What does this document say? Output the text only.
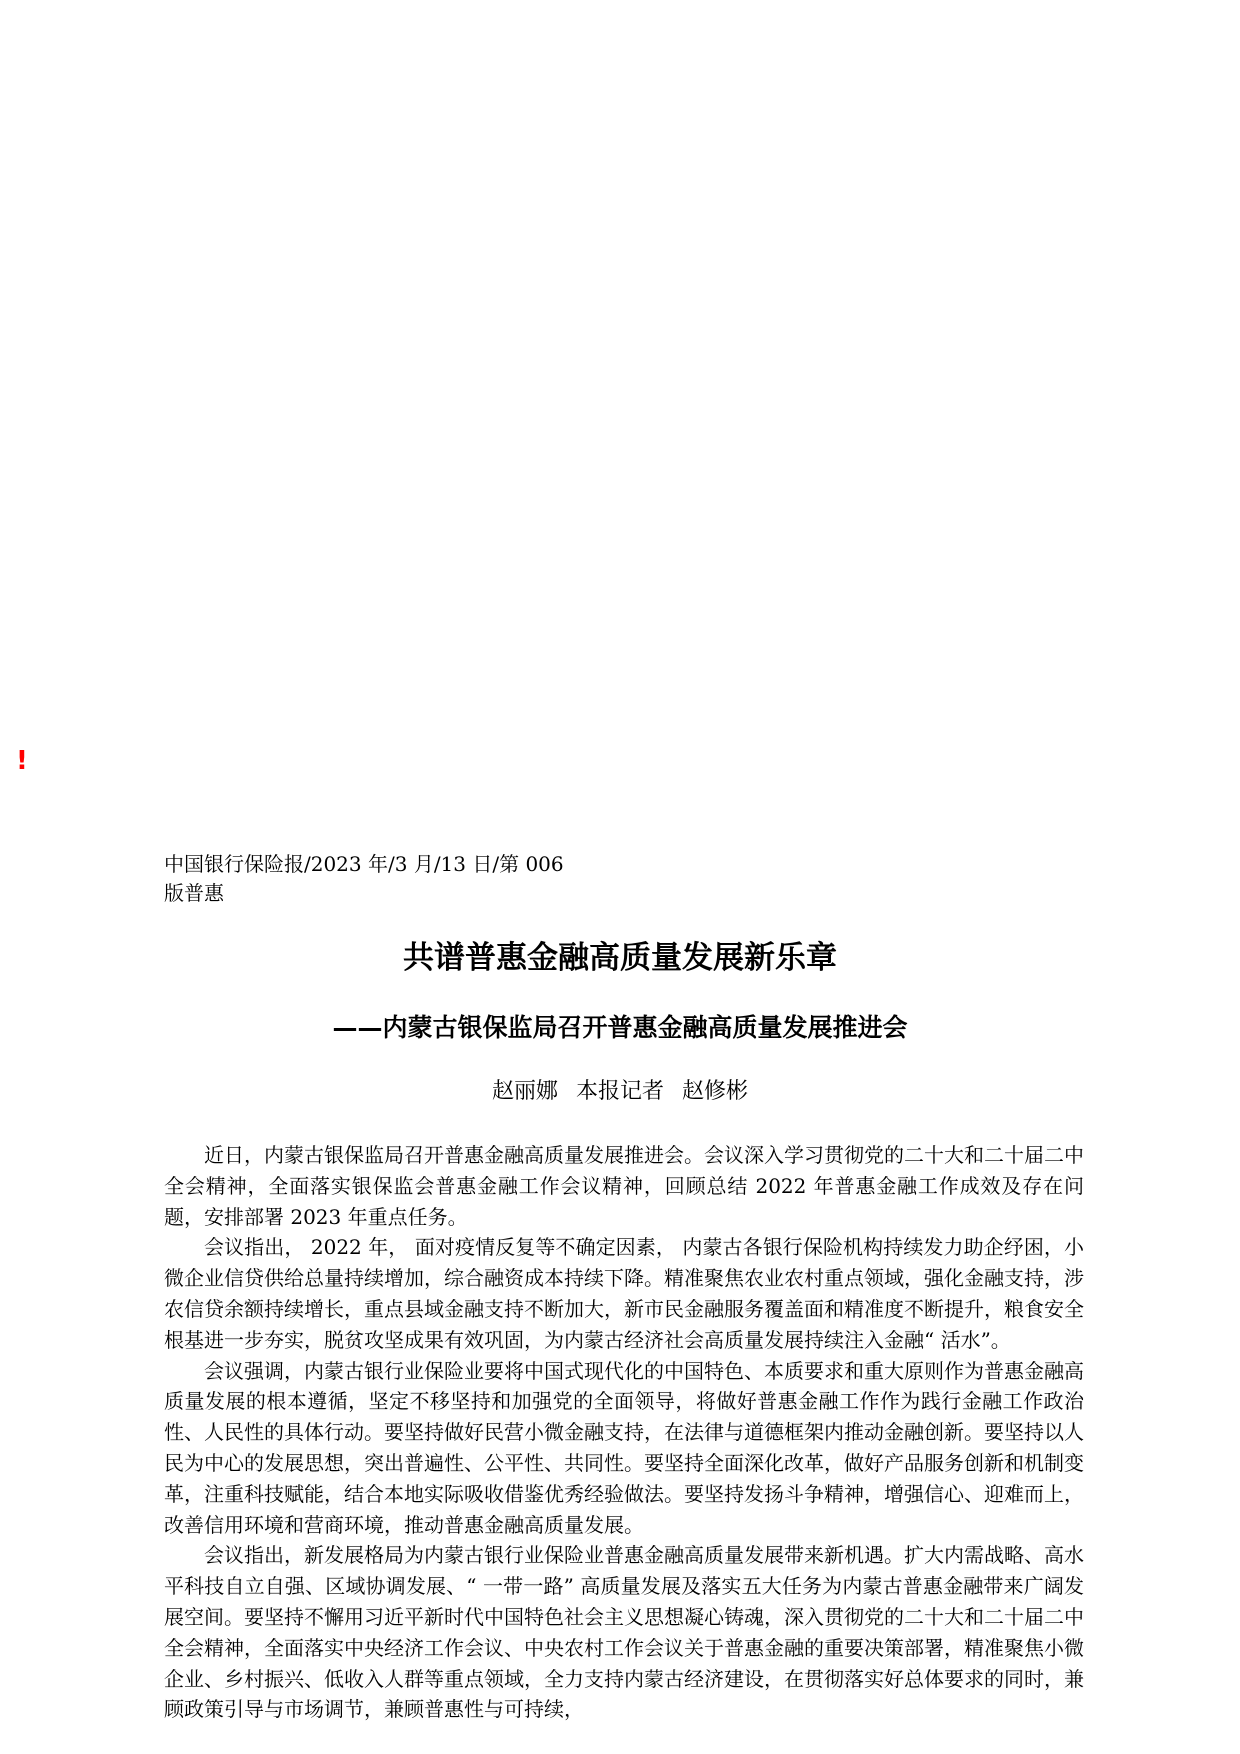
!
中国银行保险报/2023 年/3 月/13 日/第 006
版普惠
共谱普惠金融高质量发展新乐章
——内蒙古银保监局召开普惠金融高质量发展推进会
赵丽娜 本报记者 赵修彬

近日，内蒙古银保监局召开普惠金融高质量发展推进会。会议深入学习贯彻党的二十大和二十届二中全会精神，全面落实银保监会普惠金融工作会议精神，回顾总结 2022 年普惠金融工作成效及存在问题，安排部署 2023 年重点任务。

会议指出， 2022 年， 面对疫情反复等不确定因素， 内蒙古各银行保险机构持续发力助企纾困，小微企业信贷供给总量持续增加，综合融资成本持续下降。精准聚焦农业农村重点领域，强化金融支持，涉农信贷余额持续增长，重点县域金融支持不断加大，新市民金融服务覆盖面和精准度不断提升，粮食安全根基进一步夯实，脱贫攻坚成果有效巩固，为内蒙古经济社会高质量发展持续注入金融“ 活水”。

会议强调，内蒙古银行业保险业要将中国式现代化的中国特色、本质要求和重大原则作为普惠金融高质量发展的根本遵循，坚定不移坚持和加强党的全面领导，将做好普惠金融工作作为践行金融工作政治性、人民性的具体行动。要坚持做好民营小微金融支持，在法律与道德框架内推动金融创新。要坚持以人民为中心的发展思想，突出普遍性、公平性、共同性。要坚持全面深化改革，做好产品服务创新和机制变革，注重科技赋能，结合本地实际吸收借鉴优秀经验做法。要坚持发扬斗争精神，增强信心、迎难而上，改善信用环境和营商环境，推动普惠金融高质量发展。

会议指出，新发展格局为内蒙古银行业保险业普惠金融高质量发展带来新机遇。扩大内需战略、高水平科技自立自强、区域协调发展、“ 一带一路” 高质量发展及落实五大任务为内蒙古普惠金融带来广阔发展空间。要坚持不懈用习近平新时代中国特色社会主义思想凝心铸魂，深入贯彻党的二十大和二十届二中全会精神，全面落实中央经济工作会议、中央农村工作会议关于普惠金融的重要决策部署，精准聚焦小微企业、乡村振兴、低收入人群等重点领域，全力支持内蒙古经济建设，在贯彻落实好总体要求的同时，兼顾政策引导与市场调节，兼顾普惠性与可持续，
